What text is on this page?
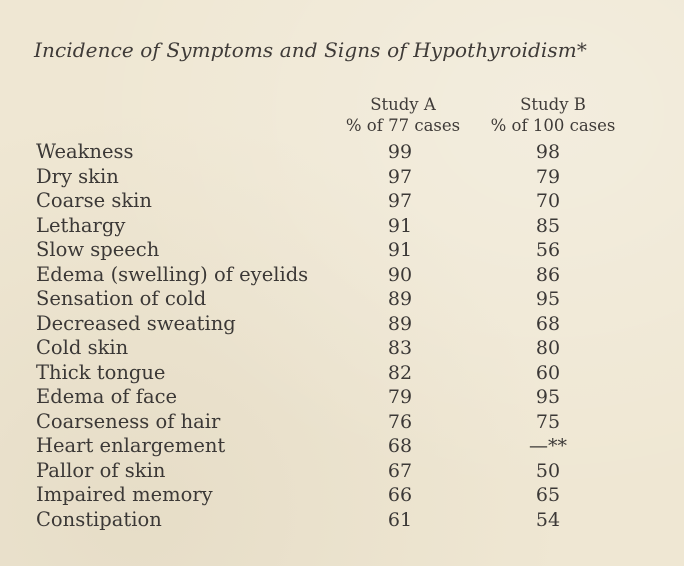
Incidence of Symptoms and Signs of Hypothyroidism*
Study A
% of 77 cases
Study B
% of 100 cases
Weakness	99	98
Dry skin	97	79
Coarse skin	97	70
Lethargy	91	85
Slow speech	91	56
Edema (swelling) of eyelids	90	86
Sensation of cold	89	95
Decreased sweating	89	68
Cold skin	83	80
Thick tongue	82	60
Edema of face	79	95
Coarseness of hair	76	75
Heart enlargement	68	—**
Pallor of skin	67	50
Impaired memory	66	65
Constipation	61	54
